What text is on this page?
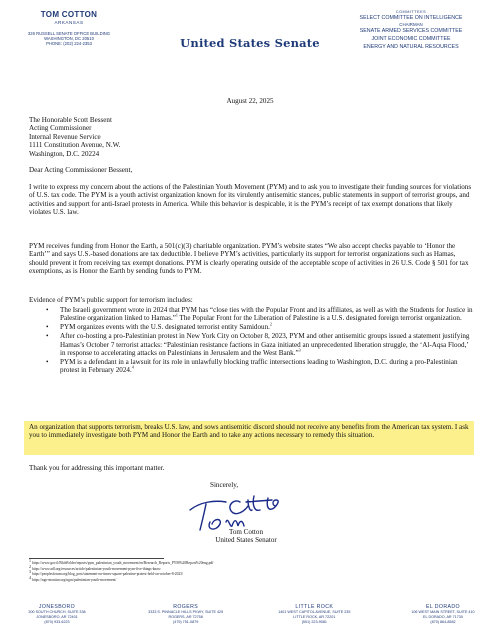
TOM COTTON
ARKANSAS
326 RUSSELL SENATE OFFICE BUILDING
WASHINGTON, DC 20510
PHONE: (202) 224-2353	United States Senate
COMMITTEES
SELECT COMMITTEE ON INTELLIGENCE
CHAIRMAN
SENATE ARMED SERVICES COMMITTEE
JOINT ECONOMIC COMMITTEE
ENERGY AND NATURAL RESOURCES
August 22, 2025
The Honorable Scott Bessent
Acting Commissioner
Internal Revenue Service
1111 Constitution Avenue, N.W.
Washington, D.C. 20224
Dear Acting Commissioner Bessent,
I write to express my concern about the actions of the Palestinian Youth Movement (PYM) and to ask you to investigate their funding sources for violations of U.S. tax code. The PYM is a youth activist organization known for its virulently antisemitic stances, public statements in support of terrorist groups, and activities and support for anti-Israel protests in America. While this behavior is despicable, it is the PYM’s receipt of tax exempt donations that likely violates U.S. law.
PYM receives funding from Honor the Earth, a 501(c)(3) charitable organization. PYM’s website states “We also accept checks payable to ‘Honor the Earth’” and says U.S.-based donations are tax deductible. I believe PYM’s activities, particularly its support for terrorist organizations such as Hamas, should prevent it from receiving tax exempt donations. PYM is clearly operating outside of the acceptable scope of activities in 26 U.S. Code § 501 for tax exemptions, as is Honor the Earth by sending funds to PYM.
Evidence of PYM’s public support for terrorism includes:
• The Israeli government wrote in 2024 that PYM has “close ties with the Popular Front and its affiliates, as well as with the Students for Justice in Palestine organization linked to Hamas.”$^1$ The Popular Front for the Liberation of Palestine is a U.S. designated foreign terrorist organization.
• PYM organizes events with the U.S. designated terrorist entity Samidoun.$^2$
• After co-hosting a pro-Palestinian protest in New York City on October 8, 2023, PYM and other antisemitic groups issued a statement justifying Hamas’s October 7 terrorist attacks: “Palestinian resistance factions in Gaza initiated an unprecedented liberation struggle, the ‘Al-Aqsa Flood,’ in response to accelerating attacks on Palestinians in Jerusalem and the West Bank.”$^3$
• PYM is a defendant in a lawsuit for its role in unlawfully blocking traffic intersections leading to Washington, D.C. during a pro-Palestinian protest in February 2024.$^4$
An organization that supports terrorism, breaks U.S. law, and sows antisemitic discord should not receive any benefits from the American tax system. I ask you to immediately investigate both PYM and Honor the Earth and to take any actions necessary to remedy this situation.
Thank you for addressing this important matter.
Sincerely,
Tom Cotton
United States Senator
$^1$ https://www.gov.il/BlobFolder/reports/pym_palestinian_youth_movement/en/Research_Reports_PYM%20Report%20eng.pdf
$^2$ https://www.adl.org/resources/article/palestinian-youth-movement-pym-five-things-know
$^3$ https://peoplesforum.org/blog_post/statement-on-times-square-palestine-protest-held-on-october-8-2023/
$^4$ https://ngo-monitor.org/ngos/palestinian-youth-movement/
JONESBORO
300 SOUTH CHURCH, SUITE 338
JONESBORO, AR 72401
(870) 933-6223
ROGERS
3333 S. PINNACLE HILLS PKWY, SUITE 425
ROGERS, AR 72758
(479) 751-0879
LITTLE ROCK
1401 WEST CAPITOL AVENUE, SUITE 235
LITTLE ROCK, AR 72201
(501) 223-9081
EL DORADO
106 WEST MAIN STREET, SUITE 410
EL DORADO, AR 71730
(870) 864-8582
